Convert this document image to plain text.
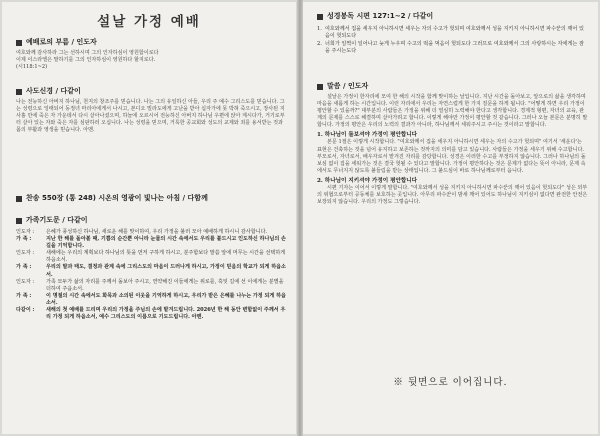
설날 가정 예배
예배로의 부름 / 인도자

여호와께 감사하라 그는 선하시며 그의 인자하심이 영원함이로다

이제 이스라엘은 말하기를 그의 인자하심이 영원하다 할지로다.

(시118:1~2)

사도신경 / 다같이

나는 전능하신 아버지 하나님, 천지의 창조주를 믿습니다. 나는 그의 유일하신 아들, 우리 주 예수 그리스도를 믿습니다. 그는 성령으로 잉태되어 동정녀 마리아에게서 나시고, 본디오 빌라도에게 고난을 받아 십자가에 못 박혀 죽으시고, 장사된 지 사흘 만에 죽은 자 가운데서 다시 살아나셨으며, 하늘에 오르시어 전능하신 아버지 하나님 우편에 앉아 계시다가, 거기로부터 살아 있는 자와 죽은 자를 심판하러 오십니다. 나는 성령을 믿으며, 거룩한 공교회와 성도의 교제와 죄를 용서받는 것과 몸의 부활과 영생을 믿습니다. 아멘.

찬송 550장 (통 248) 시온의 영광이 빛나는 아침 / 다함께
가족기도문 / 다같이
인도자 :	은혜가 풍성하신 하나님, 새로운 해를 맞이하여, 우리 가정을 불러 모아 예배하게 하시니 감사합니다.
가 족 :	지난 한 해를 돌아볼 때, 기쁨의 순간뿐 아니라 눈물의 시간 속에서도 우리를 붙드시고 인도하신 하나님의 손길을 기억합니다.
인도자 :	새해에는 우리의 계획보다 하나님의 뜻을 먼저 구하게 하시고, 분주함보다 말씀 앞에 머무는 시간을 선택하게 하옵소서.
가 족 :	우리의 말과 태도, 결정과 관계 속에 그리스도의 마음이 드러나게 하시고, 가정이 믿음의 학교가 되게 하옵소서.
인도자 :	가족 모두가 삶의 자리를 주께서 돌보아 주시고, 연약해진 이들에게는 위로를, 혹잊 길에 선 이에게는 분별을 더하여 주옵소서.
가 족 :	이 명절의 시간 속에서도 화목과 소의된 이웃을 기억하게 하시고, 우리가 받은 은혜를 나누는 가정 되게 하옵소서.
다같이 :	새해의 첫 예배를 드리며 우리의 가정을 주님의 손에 맡겨드립니다. 2026년 한 해 동안 변함없이 주께서 우리 가정 되게 하옵소서, 예수 그리스도의 이름으로 기도드립니다. 아멘.
성경봉독 시편 127:1~2 / 다같이
1. 여호와께서 집을 세우지 아니하시면 세우는 자의 수고가 헛되며 여호와께서 성을 지키지 아니하시면 파수꾼의 깨어 있음이 헛되도다
2. 너희가 일찍이 일어나고 늦게 누우며 수고의 떡을 먹음이 헛되도다 그러므로 여호와께서 그의 사랑하시는 자에게는 잠을 주시는도다
말씀 / 인도자

설날은 가정이 한자리에 모여 한 해의 시작을 함께 맞이하는 날입니다. 지난 시간을 돌아보고, 앞으로의 삶을 생각하며 마음을 새롭게 하는 시간입니다. 이런 자리에서 우리는 자연스럽게 한 가지 질문을 하게 됩니다. "어떻게 하면 우리 가정이 평안할 수 있을까?" 대부분의 사람들은 가정을 위해 더 열심히 노력해야 한다고 생각합니다. 경제적 형편, 자녀의 교육, 관계의 문제를 스스로 해결하며 살아가려고 합니다. 이렇게 해야만 가정이 평안할 것 같습니다. 그러나 오늘 본문은 분명히 말합니다. 가정의 평안은 우리의 노력의 결과가 아니라, 하나님께서 세워주시고 주시는 것이라고 말합니다.

1. 하나님이 돌보셔야 가정이 평안합니다

본문 1절은 이렇게 시작합니다. "여호와께서 집을 세우지 아니하시면 세우는 자의 수고가 헛되며" 여기서 '세운다'는 표현은 건축하는 것을 넘어 유지하고 보존하는 것까지의 의미를 담고 있습니다. 사람들은 가정을 세우기 위해 수고합니다. 부모로서, 자녀로서, 배우자로서 맡겨진 자리를 감당합니다. 성경은 이러한 수고를 부정하지 않습니다. 그러나 하나님의 돌보심 없이 집을 세워가는 것은 결국 헛될 수 있다고 말합니다. 가정이 평안하다는 것은 문제가 없다는 뜻이 아니라, 문제 속에서도 무너지지 않도록 붙들림을 받는 상태입니다. 그 붙드심이 바로 하나님께로부터 옵니다.

2. 하나님이 지키셔야 가정이 평안합니다

시편 기자는 이어서 이렇게 말합니다. "여호와께서 성을 지키지 아니하시면 파수꾼의 깨어 있음이 헛되도다" 성은 외부의 위협으로부터 공동체를 보호하는 곳입니다. 아무리 파수꾼이 밤새 깨어 있어도 하나님이 지키심이 없다면 완전한 안전은 보장되지 않습니다. 우리의 가정도 그렇습니다.

※ 뒷면으로 이어집니다.
